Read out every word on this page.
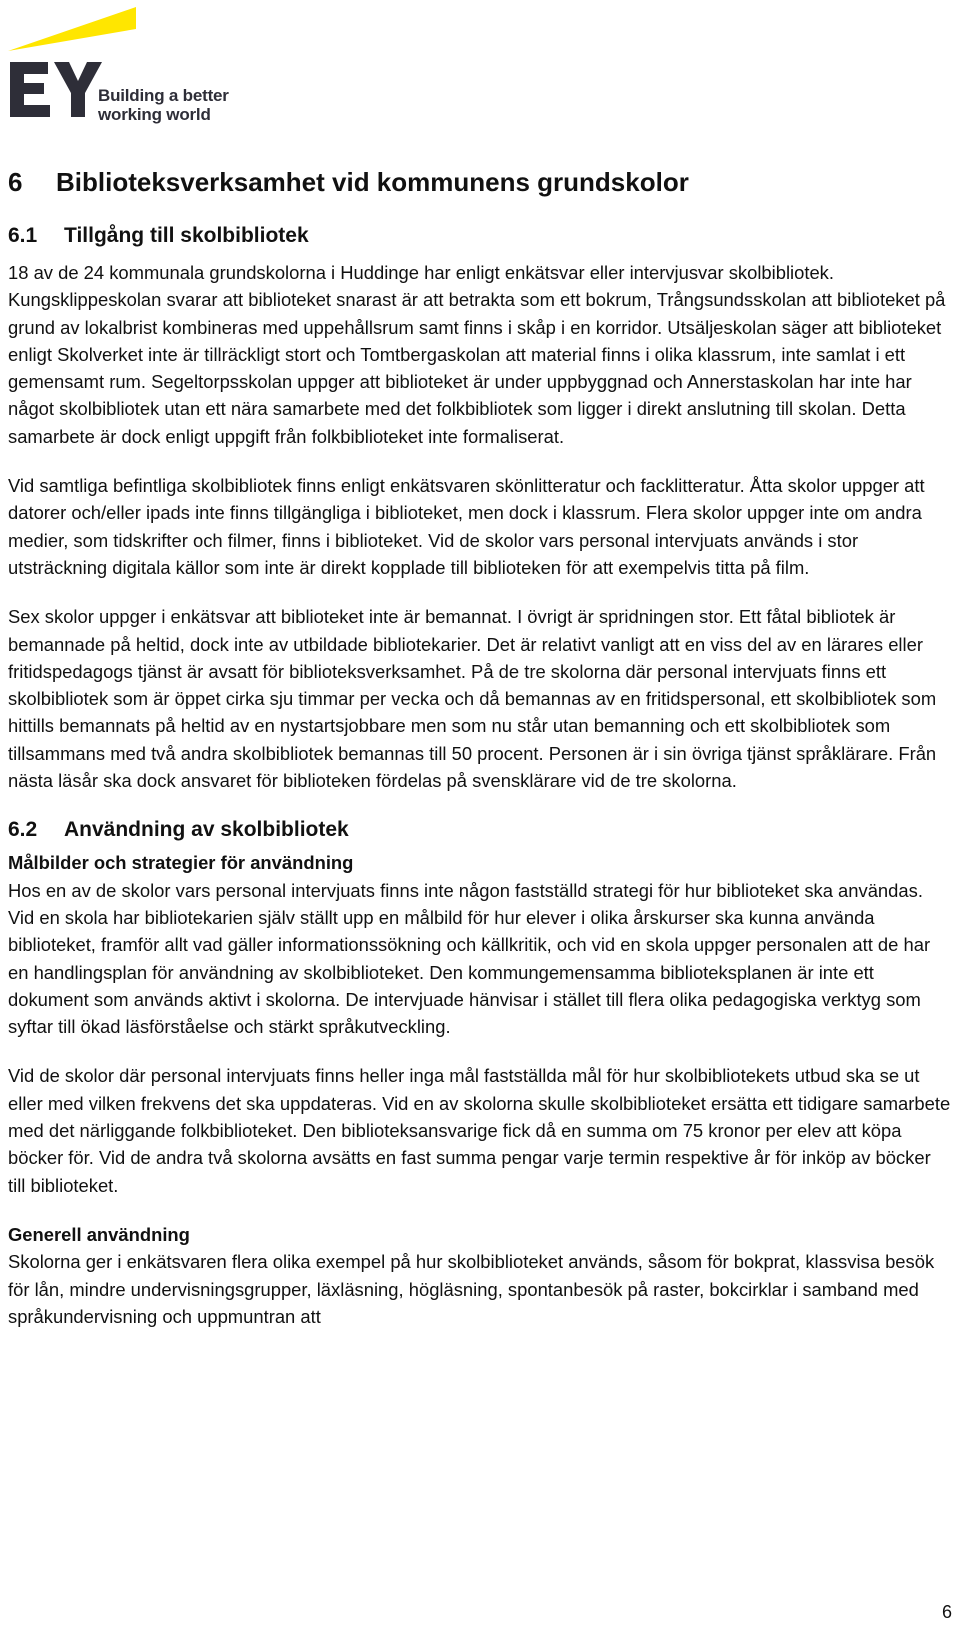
Building a better
working world
6 Biblioteksverksamhet vid kommunens grundskolor
6.1 Tillgång till skolbibliotek

18 av de 24 kommunala grundskolorna i Huddinge har enligt enkätsvar eller intervjusvar skolbibliotek. Kungsklippeskolan svarar att biblioteket snarast är att betrakta som ett bokrum, Trångsundsskolan att biblioteket på grund av lokalbrist kombineras med uppehållsrum samt finns i skåp i en korridor. Utsäljeskolan säger att biblioteket enligt Skolverket inte är tillräckligt stort och Tomtbergaskolan att material finns i olika klassrum, inte samlat i ett gemensamt rum. Segeltorpsskolan uppger att biblioteket är under uppbyggnad och Annerstaskolan har inte har något skolbibliotek utan ett nära samarbete med det folkbibliotek som ligger i direkt anslutning till skolan. Detta samarbete är dock enligt uppgift från folkbiblioteket inte formaliserat.

Vid samtliga befintliga skolbibliotek finns enligt enkätsvaren skönlitteratur och facklitteratur. Åtta skolor uppger att datorer och/eller ipads inte finns tillgängliga i biblioteket, men dock i klassrum. Flera skolor uppger inte om andra medier, som tidskrifter och filmer, finns i biblioteket. Vid de skolor vars personal intervjuats används i stor utsträckning digitala källor som inte är direkt kopplade till biblioteken för att exempelvis titta på film.

Sex skolor uppger i enkätsvar att biblioteket inte är bemannat. I övrigt är spridningen stor. Ett fåtal bibliotek är bemannade på heltid, dock inte av utbildade bibliotekarier. Det är relativt vanligt att en viss del av en lärares eller fritidspedagogs tjänst är avsatt för biblioteksverksamhet. På de tre skolorna där personal intervjuats finns ett skolbibliotek som är öppet cirka sju timmar per vecka och då bemannas av en fritidspersonal, ett skolbibliotek som hittills bemannats på heltid av en nystartsjobbare men som nu står utan bemanning och ett skolbibliotek som tillsammans med två andra skolbibliotek bemannas till 50 procent. Personen är i sin övriga tjänst språklärare. Från nästa läsår ska dock ansvaret för biblioteken fördelas på svensklärare vid de tre skolorna.

6.2 Användning av skolbibliotek
Målbilder och strategier för användning

Hos en av de skolor vars personal intervjuats finns inte någon fastställd strategi för hur biblioteket ska användas. Vid en skola har bibliotekarien själv ställt upp en målbild för hur elever i olika årskurser ska kunna använda biblioteket, framför allt vad gäller informationssökning och källkritik, och vid en skola uppger personalen att de har en handlingsplan för användning av skolbiblioteket. Den kommungemensamma biblioteksplanen är inte ett dokument som används aktivt i skolorna. De intervjuade hänvisar i stället till flera olika pedagogiska verktyg som syftar till ökad läsförståelse och stärkt språkutveckling.

Vid de skolor där personal intervjuats finns heller inga mål fastställda mål för hur skolbibliotekets utbud ska se ut eller med vilken frekvens det ska uppdateras. Vid en av skolorna skulle skolbiblioteket ersätta ett tidigare samarbete med det närliggande folkbiblioteket. Den biblioteksansvarige fick då en summa om 75 kronor per elev att köpa böcker för. Vid de andra två skolorna avsätts en fast summa pengar varje termin respektive år för inköp av böcker till biblioteket.

Generell användning

Skolorna ger i enkätsvaren flera olika exempel på hur skolbiblioteket används, såsom för bokprat, klassvisa besök för lån, mindre undervisningsgrupper, läxläsning, högläsning, spontanbesök på raster, bokcirklar i samband med språkundervisning och uppmuntran att

6
